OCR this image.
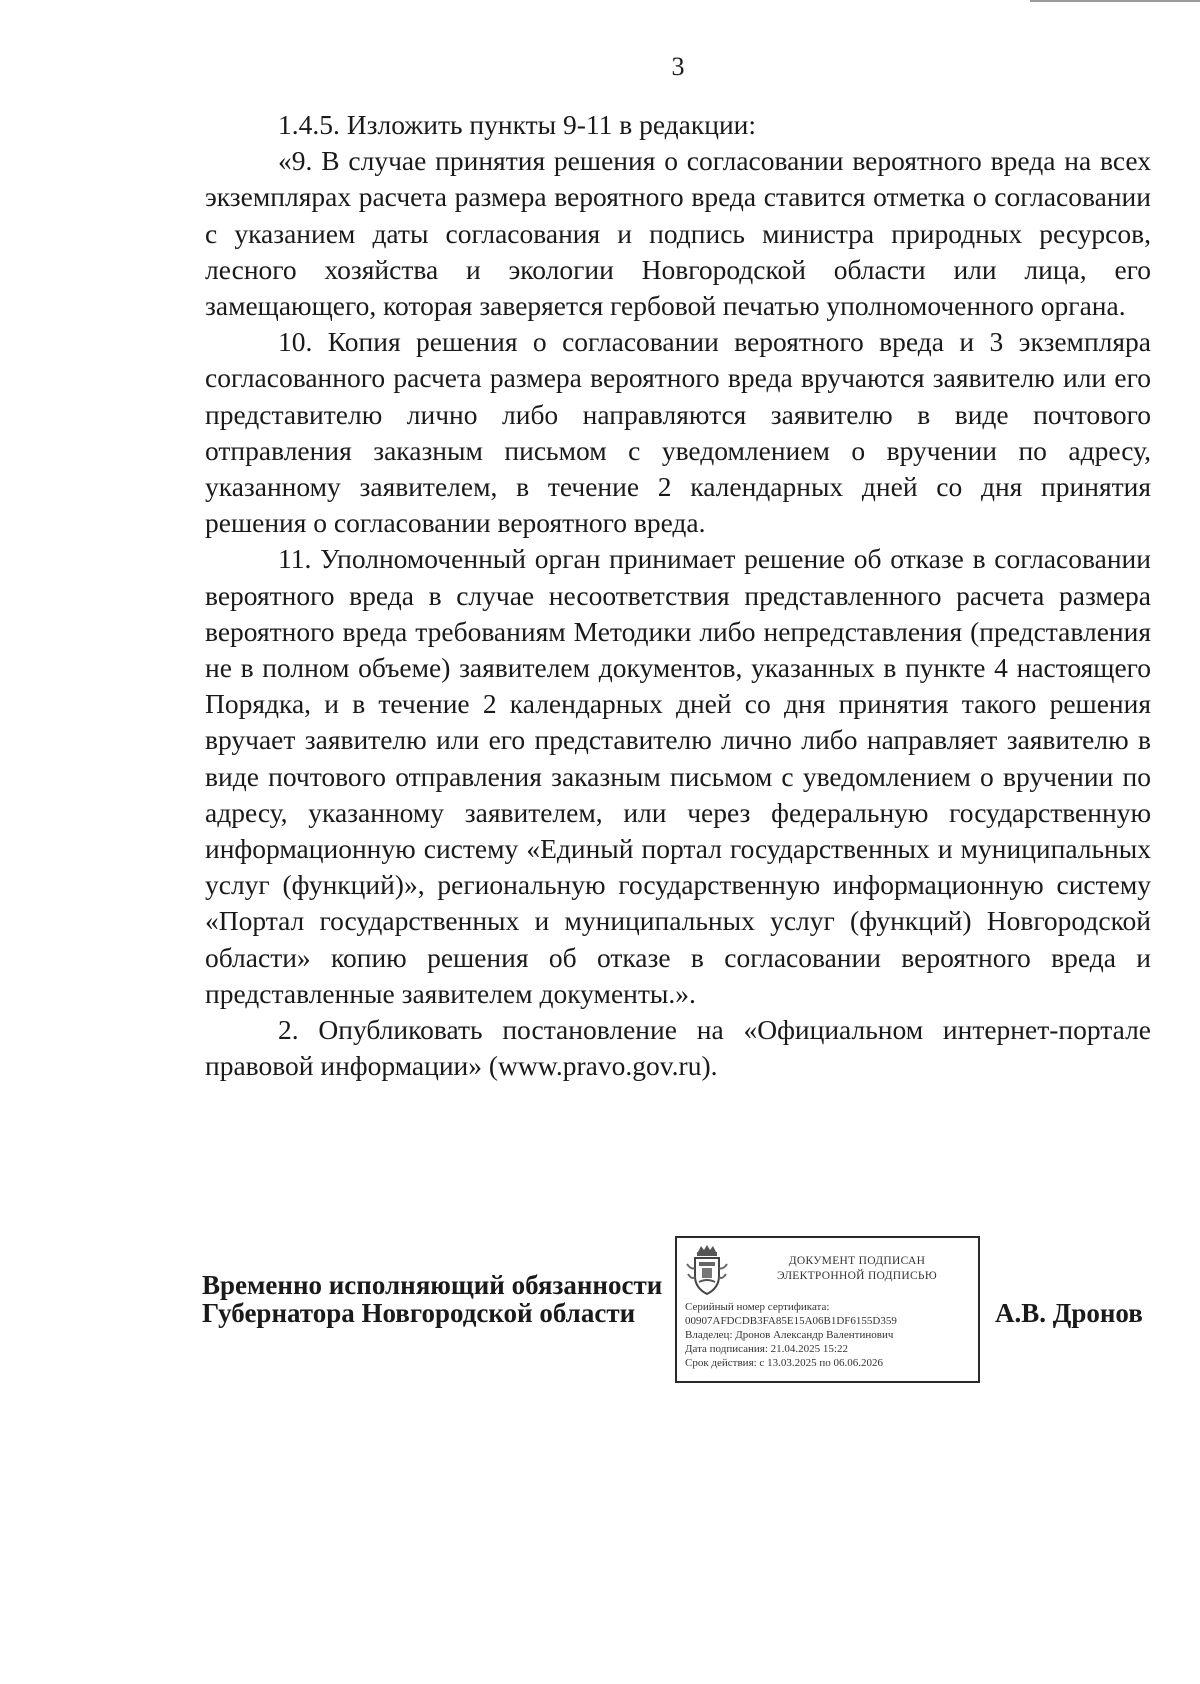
3

1.4.5. Изложить пункты 9-11 в редакции:

«9. В случае принятия решения о согласовании вероятного вреда на всех экземплярах расчета размера вероятного вреда ставится отметка о согласовании с указанием даты согласования и подпись министра природных ресурсов, лесного хозяйства и экологии Новгородской области или лица, его замещающего, которая заверяется гербовой печатью уполномоченного органа.

10. Копия решения о согласовании вероятного вреда и 3 экземпляра согласованного расчета размера вероятного вреда вручаются заявителю или его представителю лично либо направляются заявителю в виде почтового отправления заказным письмом с уведомлением о вручении по адресу, указанному заявителем, в течение 2 календарных дней со дня принятия решения о согласовании вероятного вреда.

11. Уполномоченный орган принимает решение об отказе в согласовании вероятного вреда в случае несоответствия представленного расчета размера вероятного вреда требованиям Методики либо непредставления (представления не в полном объеме) заявителем документов, указанных в пункте 4 настоящего Порядка, и в течение 2 календарных дней со дня принятия такого решения вручает заявителю или его представителю лично либо направляет заявителю в виде почтового отправления заказным письмом с уведомлением о вручении по адресу, указанному заявителем, или через федеральную государственную информационную систему «Единый портал государственных и муниципальных услуг (функций)», региональную государственную информационную систему «Портал государственных и муниципальных услуг (функций) Новгородской области» копию решения об отказе в согласовании вероятного вреда и представленные заявителем документы.».

2. Опубликовать постановление на «Официальном интернет-портале правовой информации» (www.pravo.gov.ru).

Временно исполняющий обязанности
Губернатора Новгородской области
ДОКУМЕНТ ПОДПИСАН
ЭЛЕКТРОННОЙ ПОДПИСЬЮ
Серийный номер сертификата:
00907AFDCDB3FA85E15A06B1DF6155D359
Владелец: Дронов Александр Валентинович
Дата подписания: 21.04.2025 15:22
Срок действия: с 13.03.2025 по 06.06.2026
А.В. Дронов
